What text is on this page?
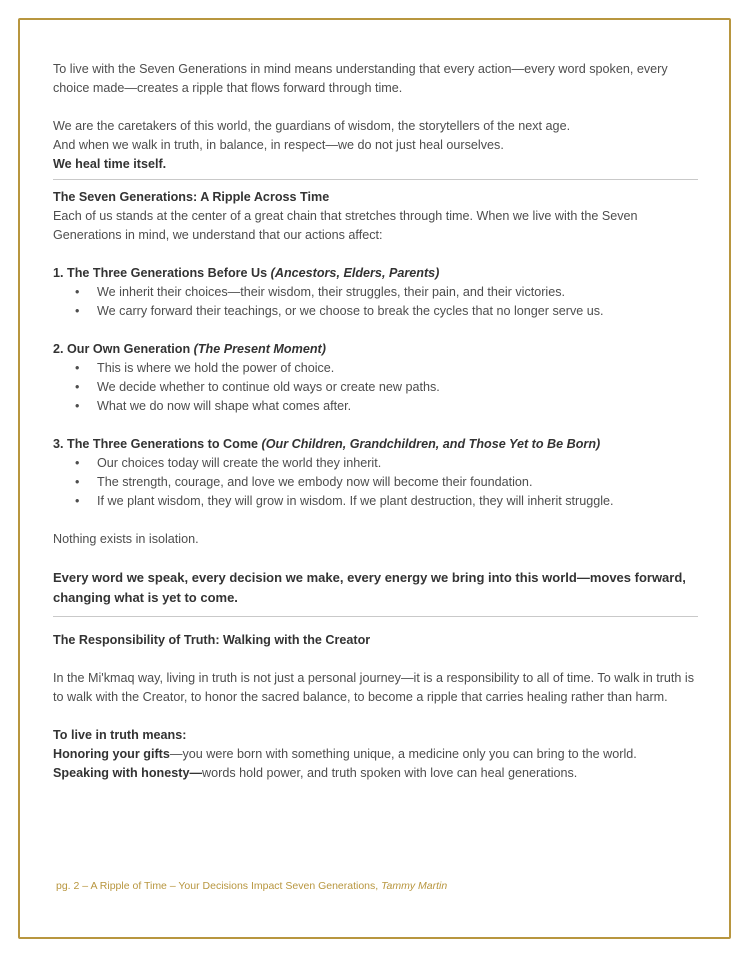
To live with the Seven Generations in mind means understanding that every action—every word spoken, every choice made—creates a ripple that flows forward through time.

We are the caretakers of this world, the guardians of wisdom, the storytellers of the next age.

And when we walk in truth, in balance, in respect—we do not just heal ourselves.

We heal time itself.

The Seven Generations: A Ripple Across Time

Each of us stands at the center of a great chain that stretches through time. When we live with the Seven Generations in mind, we understand that our actions affect:

1. The Three Generations Before Us (Ancestors, Elders, Parents)

• We inherit their choices—their wisdom, their struggles, their pain, and their victories.
• We carry forward their teachings, or we choose to break the cycles that no longer serve us.

2. Our Own Generation (The Present Moment)

• This is where we hold the power of choice.
• We decide whether to continue old ways or create new paths.
• What we do now will shape what comes after.

3. The Three Generations to Come (Our Children, Grandchildren, and Those Yet to Be Born)

• Our choices today will create the world they inherit.
• The strength, courage, and love we embody now will become their foundation.
• If we plant wisdom, they will grow in wisdom. If we plant destruction, they will inherit struggle.

Nothing exists in isolation.

Every word we speak, every decision we make, every energy we bring into this world—moves forward, changing what is yet to come.

The Responsibility of Truth: Walking with the Creator

In the Mi'kmaq way, living in truth is not just a personal journey—it is a responsibility to all of time. To walk in truth is to walk with the Creator, to honor the sacred balance, to become a ripple that carries healing rather than harm.

To live in truth means:

Honoring your gifts—you were born with something unique, a medicine only you can bring to the world.

Speaking with honesty—words hold power, and truth spoken with love can heal generations.

pg. 2 – A Ripple of Time – Your Decisions Impact Seven Generations, Tammy Martin
